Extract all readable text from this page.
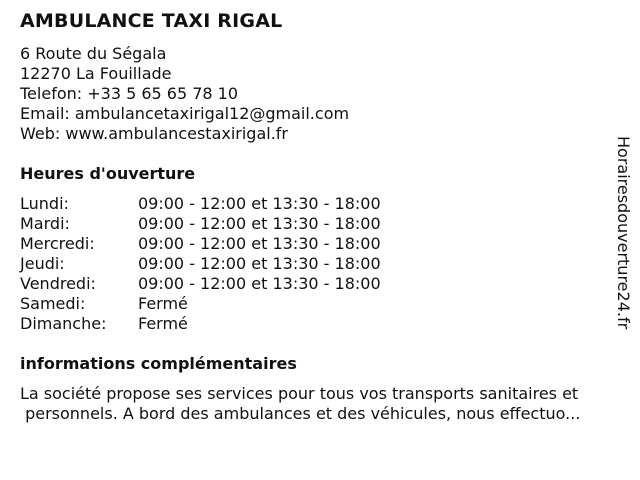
AMBULANCE TAXI RIGAL
6 Route du Ségala
12270 La Fouillade
Telefon: +33 5 65 65 78 10
Email: ambulancetaxirigal12@gmail.com
Web: www.ambulancestaxirigal.fr
Heures d'ouverture
Lundi:	09:00 - 12:00 et 13:30 - 18:00
Mardi:	09:00 - 12:00 et 13:30 - 18:00
Mercredi:	09:00 - 12:00 et 13:30 - 18:00
Jeudi:	09:00 - 12:00 et 13:30 - 18:00
Vendredi:	09:00 - 12:00 et 13:30 - 18:00
Samedi:	Fermé
Dimanche: Fermé
informations complémentaires
La société propose ses services pour tous vos transports sanitaires et
personnels. A bord des ambulances et des véhicules, nous effectuo...
Horairesdouverture24.fr
